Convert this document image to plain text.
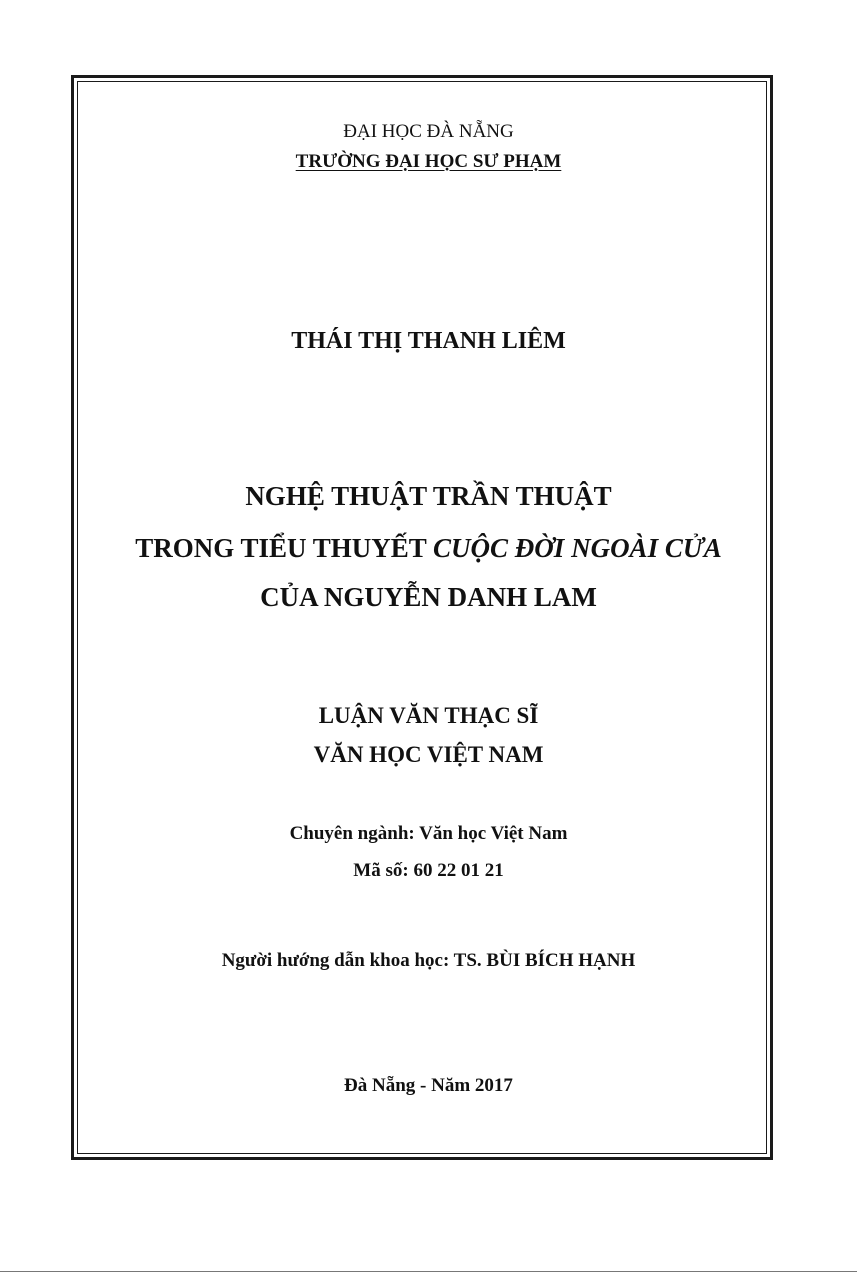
ĐẠI HỌC ĐÀ NẴNG
TRƯỜNG ĐẠI HỌC SƯ PHẠM
THÁI THỊ THANH LIÊM
NGHỆ THUẬT TRẦN THUẬT
TRONG TIỂU THUYẾT CUỘC ĐỜI NGOÀI CỬA
CỦA NGUYỄN DANH LAM
LUẬN VĂN THẠC SĨ
VĂN HỌC VIỆT NAM
Chuyên ngành: Văn học Việt Nam
Mã số: 60 22 01 21
Người hướng dẫn khoa học: TS. BÙI BÍCH HẠNH
Đà Nẵng - Năm 2017
